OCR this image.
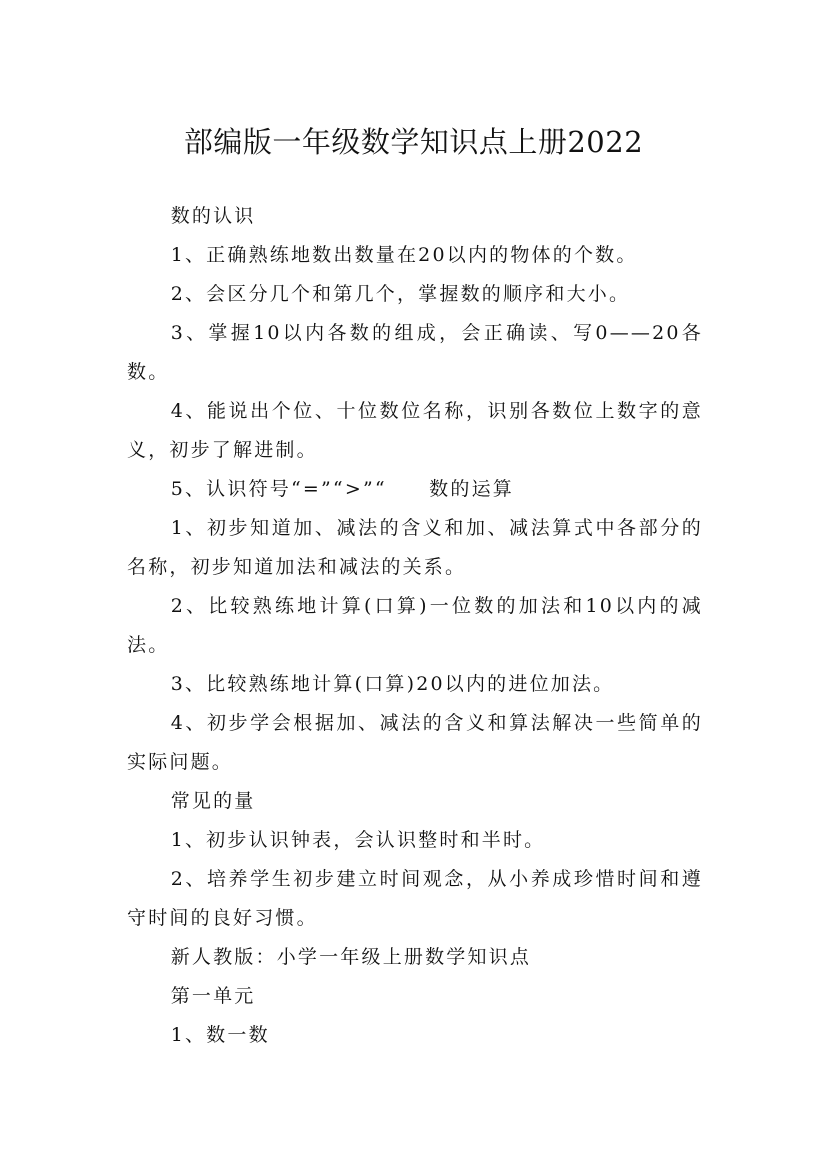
部编版一年级数学知识点上册2022

数的认识

1、正确熟练地数出数量在20以内的物体的个数。

2、会区分几个和第几个，掌握数的顺序和大小。

3、掌握10以内各数的组成，会正确读、写0——20各数。

4、能说出个位、十位数位名称，识别各数位上数字的意义，初步了解进制。

5、认识符号“=”“>”“　　数的运算

1、初步知道加、减法的含义和加、减法算式中各部分的名称，初步知道加法和减法的关系。

2、比较熟练地计算(口算)一位数的加法和10以内的减法。

3、比较熟练地计算(口算)20以内的进位加法。

4、初步学会根据加、减法的含义和算法解决一些简单的实际问题。

常见的量

1、初步认识钟表，会认识整时和半时。

2、培养学生初步建立时间观念，从小养成珍惜时间和遵守时间的良好习惯。

新人教版：小学一年级上册数学知识点

第一单元

1、数一数
